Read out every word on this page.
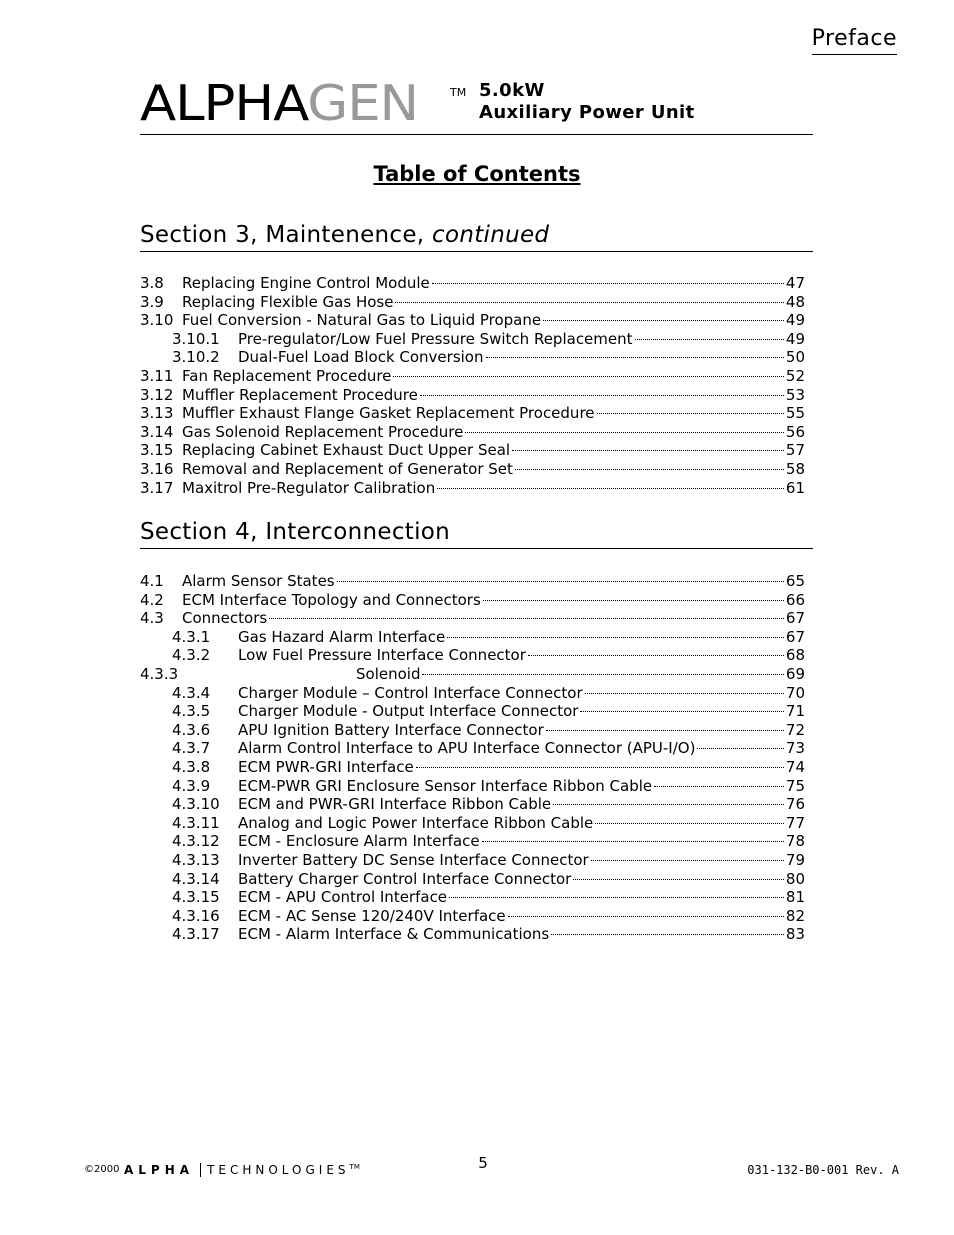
Preface
ALPHAGEN	TM 5.0kW
Auxiliary Power Unit
Table of Contents
Section 3, Maintenence, continued
3.8	Replacing Engine Control Module	47
3.9	Replacing Flexible Gas Hose	48
3.10 Fuel Conversion - Natural Gas to Liquid Propane	49
3.10.1	Pre-regulator/Low Fuel Pressure Switch Replacement	49
3.10.2	Dual-Fuel Load Block Conversion	50
3.11 Fan Replacement Procedure	52
3.12 Muffler Replacement Procedure	53
3.13 Muffler Exhaust Flange Gasket Replacement Procedure	55
3.14 Gas Solenoid Replacement Procedure	56
3.15 Replacing Cabinet Exhaust Duct Upper Seal	57
3.16 Removal and Replacement of Generator Set	58
3.17 Maxitrol Pre-Regulator Calibration	61
Section 4, Interconnection
4.1	Alarm Sensor States	65
4.2	ECM Interface Topology and Connectors	66
4.3	Connectors	67
4.3.1	Gas Hazard Alarm Interface	67
4.3.2	Low Fuel Pressure Interface Connector	68
4.3.3	Solenoid	69
4.3.4	Charger Module – Control Interface Connector	70
4.3.5	Charger Module - Output Interface Connector	71
4.3.6	APU Ignition Battery Interface Connector	72
4.3.7	Alarm Control Interface to APU Interface Connector (APU-I/O)	73
4.3.8	ECM PWR-GRI Interface	74
4.3.9	ECM-PWR GRI Enclosure Sensor Interface Ribbon Cable	75
4.3.10	ECM and PWR-GRI Interface Ribbon Cable	76
4.3.11	Analog and Logic Power Interface Ribbon Cable	77
4.3.12	ECM - Enclosure Alarm Interface	78
4.3.13	Inverter Battery DC Sense Interface Connector	79
4.3.14	Battery Charger Control Interface Connector	80
4.3.15	ECM - APU Control Interface	81
4.3.16	ECM - AC Sense 120/240V Interface	82
4.3.17	ECM - Alarm Interface & Communications	83
©2000 ALPHA TECHNOLOGIES™	5	031-132-B0-001 Rev. A
